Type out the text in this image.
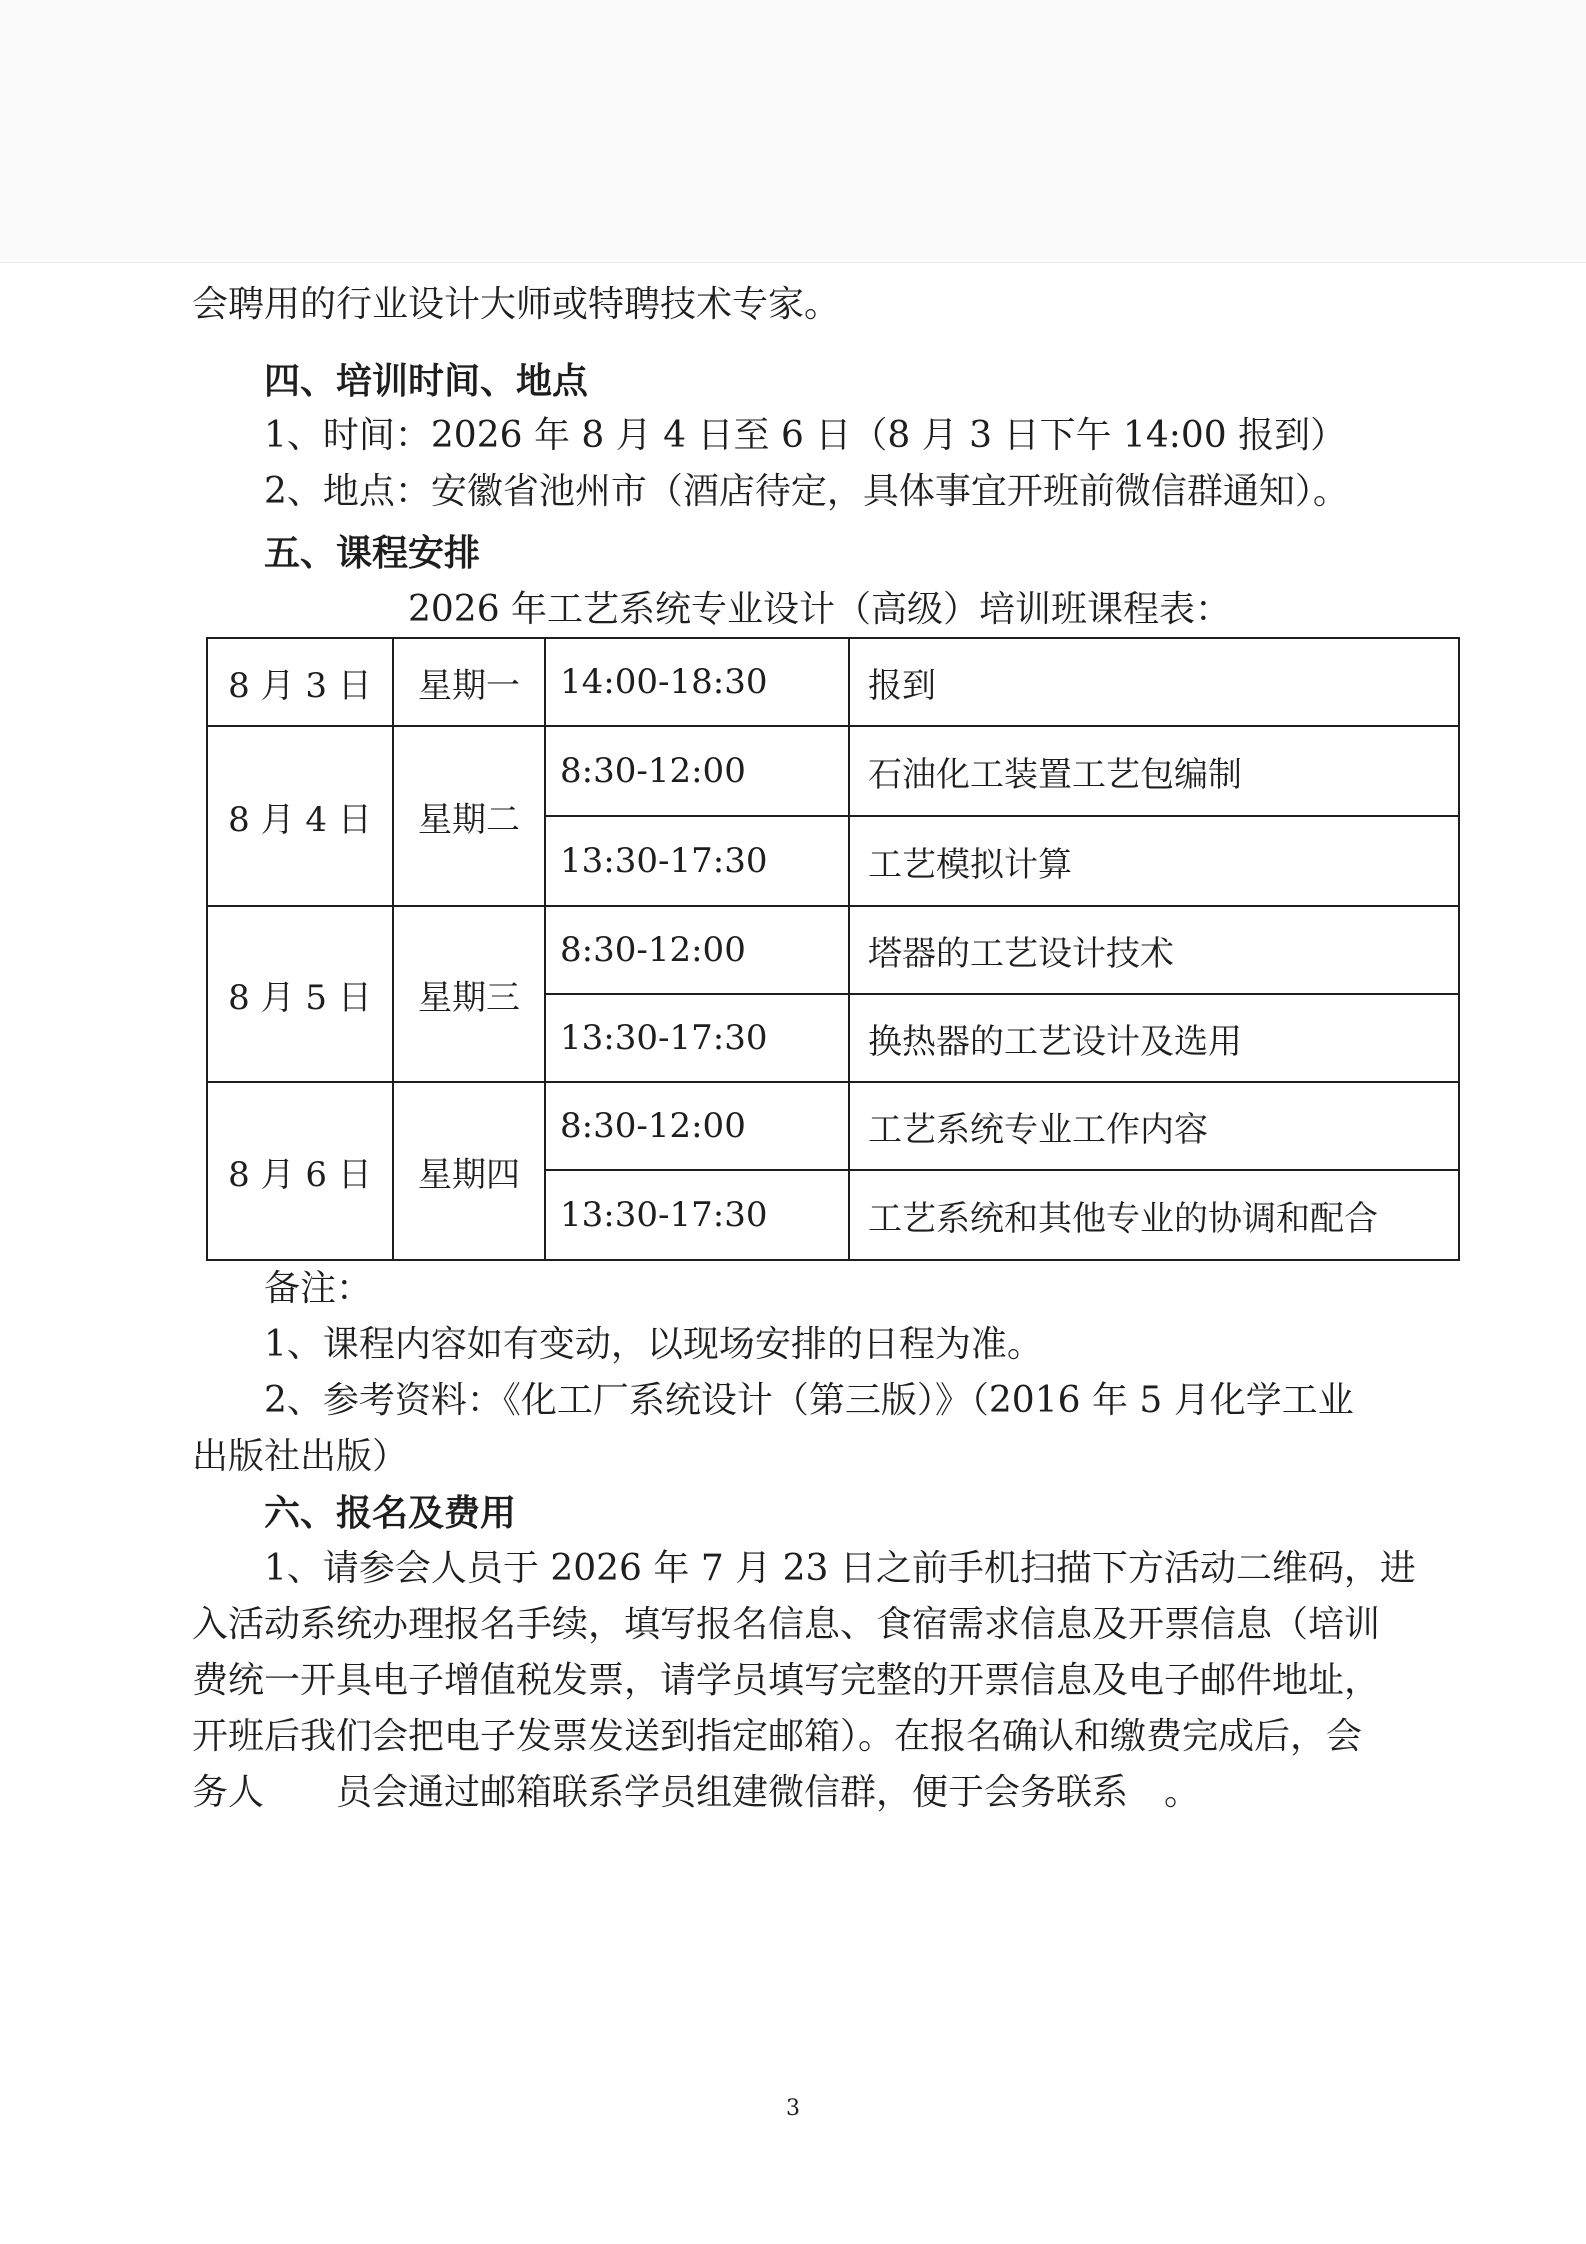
会聘用的行业设计大师或特聘技术专家。
四、培训时间、地点
1、时间：2026 年 8 月 4 日至 6 日（8 月 3 日下午 14:00 报到）
2、地点：安徽省池州市（酒店待定，具体事宜开班前微信群通知）。
五、课程安排
2026 年工艺系统专业设计（高级）培训班课程表：
8 月 3 日	星期一	14:00-18:30	报到
8 月 4 日	星期二	8:30-12:00	石油化工装置工艺包编制
		13:30-17:30	工艺模拟计算
8 月 5 日	星期三	8:30-12:00	塔器的工艺设计技术
		13:30-17:30	换热器的工艺设计及选用
8 月 6 日	星期四	8:30-12:00	工艺系统专业工作内容
		13:30-17:30	工艺系统和其他专业的协调和配合
备注：
1、课程内容如有变动，以现场安排的日程为准。
2、参考资料：《化工厂系统设计（第三版）》（2016 年 5 月化学工业
出版社出版）
六、报名及费用
1、请参会人员于 2026 年 7 月 23 日之前手机扫描下方活动二维码，进
入活动系统办理报名手续，填写报名信息、食宿需求信息及开票信息（培训
费统一开具电子增值税发票，请学员填写完整的开票信息及电子邮件地址，
开班后我们会把电子发票发送到指定邮箱）。在报名确认和缴费完成后，会
务人　　员会通过邮箱联系学员组建微信群，便于会务联系　。
3
